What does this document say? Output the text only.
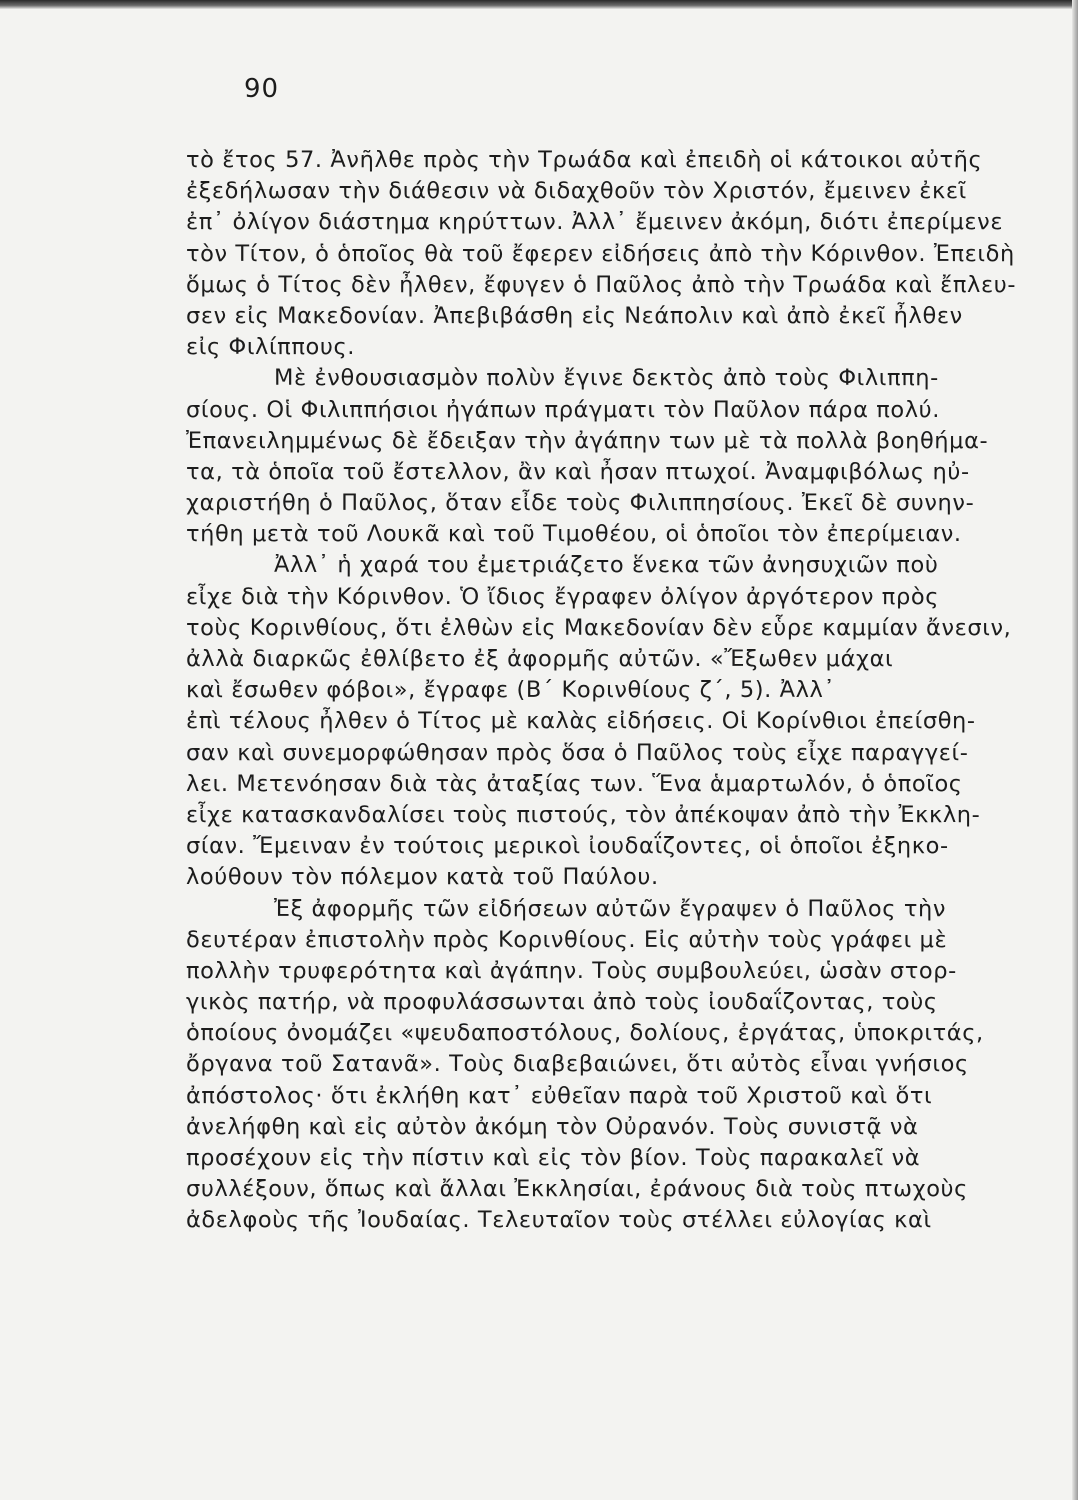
90
τὸ ἔτος 57. Ἀνῆλθε πρὸς τὴν Τρωάδα καὶ ἐπειδὴ οἱ κάτοικοι αὐτῆς
ἐξεδήλωσαν τὴν διάθεσιν νὰ διδαχθοῦν τὸν Χριστόν, ἔμεινεν ἐκεῖ
ἐπ᾽ ὀλίγον διάστημα κηρύττων. Ἀλλ᾽ ἔμεινεν ἀκόμη, διότι ἐπερίμενε
τὸν Τίτον, ὁ ὁποῖος θὰ τοῦ ἔφερεν εἰδήσεις ἀπὸ τὴν Κόρινθον. Ἐπειδὴ
ὅμως ὁ Τίτος δὲν ἦλθεν, ἔφυγεν ὁ Παῦλος ἀπὸ τὴν Τρωάδα καὶ ἔπλευ-
σεν εἰς Μακεδονίαν. Ἀπεβιβάσθη εἰς Νεάπολιν καὶ ἀπὸ ἐκεῖ ἦλθεν
εἰς Φιλίππους.
Μὲ ἐνθουσιασμὸν πολὺν ἔγινε δεκτὸς ἀπὸ τοὺς Φιλιππη-
σίους. Οἱ Φιλιππήσιοι ἠγάπων πράγματι τὸν Παῦλον πάρα πολύ.
Ἐπανειλημμένως δὲ ἔδειξαν τὴν ἀγάπην των μὲ τὰ πολλὰ βοηθήμα-
τα, τὰ ὁποῖα τοῦ ἔστελλον, ἂν καὶ ἦσαν πτωχοί. Ἀναμφιβόλως ηὐ-
χαριστήθη ὁ Παῦλος, ὅταν εἶδε τοὺς Φιλιππησίους. Ἐκεῖ δὲ συνην-
τήθη μετὰ τοῦ Λουκᾶ καὶ τοῦ Τιμοθέου, οἱ ὁποῖοι τὸν ἐπερίμειαν.
Ἀλλ᾽ ἡ χαρά του ἐμετριάζετο ἕνεκα τῶν ἀνησυχιῶν ποὺ
εἶχε διὰ τὴν Κόρινθον. Ὁ ἴδιος ἔγραφεν ὀλίγον ἀργότερον πρὸς
τοὺς Κορινθίους, ὅτι ἐλθὼν εἰς Μακεδονίαν δὲν εὗρε καμμίαν ἄνεσιν,
ἀλλὰ διαρκῶς ἐθλίβετο ἐξ ἀφορμῆς αὐτῶν. «Ἔξωθεν μάχαι
καὶ ἔσωθεν φόβοι», ἔγραφε (Β΄ Κορινθίους ζ΄, 5). Ἀλλ᾽
ἐπὶ τέλους ἦλθεν ὁ Τίτος μὲ καλὰς εἰδήσεις. Οἱ Κορίνθιοι ἐπείσθη-
σαν καὶ συνεμορφώθησαν πρὸς ὅσα ὁ Παῦλος τοὺς εἶχε παραγγεί-
λει. Μετενόησαν διὰ τὰς ἀταξίας των. Ἕνα ἁμαρτωλόν, ὁ ὁποῖος
εἶχε κατασκανδαλίσει τοὺς πιστούς, τὸν ἀπέκοψαν ἀπὸ τὴν Ἐκκλη-
σίαν. Ἔμειναν ἐν τούτοις μερικοὶ ἰουδαΐζοντες, οἱ ὁποῖοι ἐξηκο-
λούθουν τὸν πόλεμον κατὰ τοῦ Παύλου.
Ἐξ ἀφορμῆς τῶν εἰδήσεων αὐτῶν ἔγραψεν ὁ Παῦλος τὴν
δευτέραν ἐπιστολὴν πρὸς Κορινθίους. Εἰς αὐτὴν τοὺς γράφει μὲ
πολλὴν τρυφερότητα καὶ ἀγάπην. Τοὺς συμβουλεύει, ὡσὰν στορ-
γικὸς πατήρ, νὰ προφυλάσσωνται ἀπὸ τοὺς ἰουδαΐζοντας, τοὺς
ὁποίους ὀνομάζει «ψευδαποστόλους, δολίους, ἐργάτας, ὑποκριτάς,
ὄργανα τοῦ Σατανᾶ». Τοὺς διαβεβαιώνει, ὅτι αὐτὸς εἶναι γνήσιος
ἀπόστολος· ὅτι ἐκλήθη κατ᾽ εὐθεῖαν παρὰ τοῦ Χριστοῦ καὶ ὅτι
ἀνελήφθη καὶ εἰς αὐτὸν ἀκόμη τὸν Οὐρανόν. Τοὺς συνιστᾷ νὰ
προσέχουν εἰς τὴν πίστιν καὶ εἰς τὸν βίον. Τοὺς παρακαλεῖ νὰ
συλλέξουν, ὅπως καὶ ἄλλαι Ἐκκλησίαι, ἐράνους διὰ τοὺς πτωχοὺς
ἀδελφοὺς τῆς Ἰουδαίας. Τελευταῖον τοὺς στέλλει εὐλογίας καὶ
